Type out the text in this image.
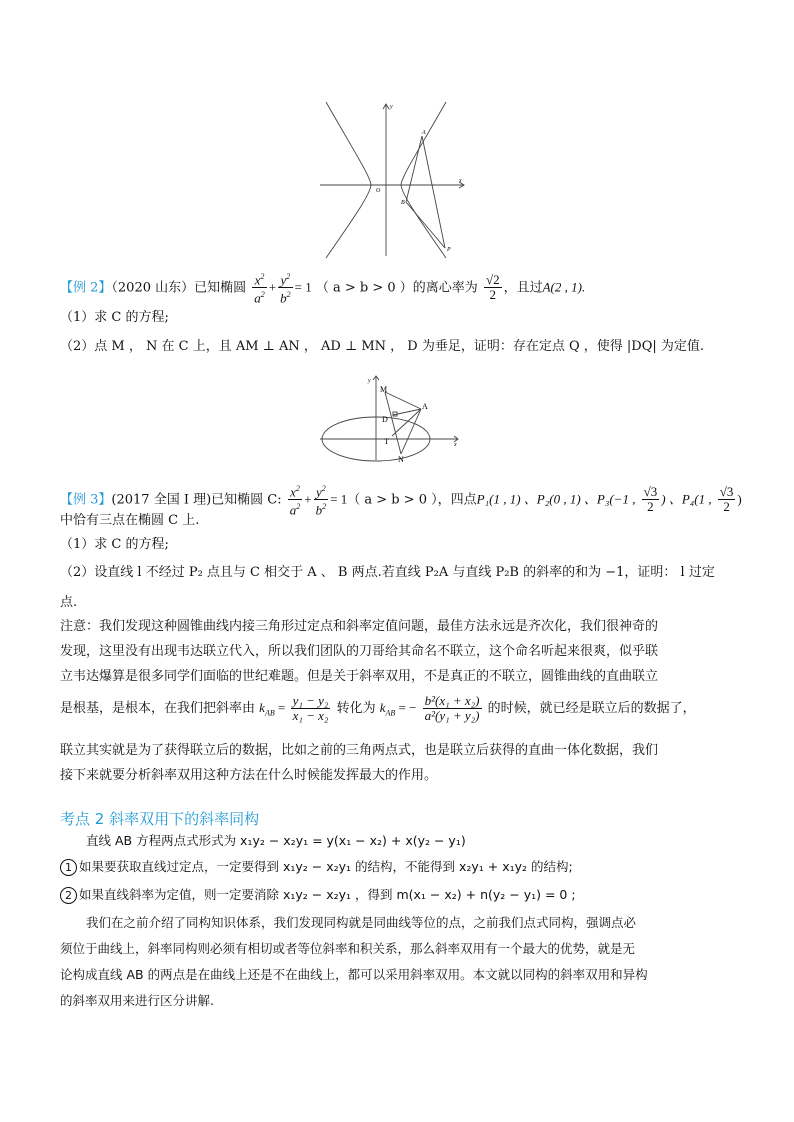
O
y
x
A
B
P
【例 2】（2020 山东）已知椭圆 $\frac{x^2}{a^2} + \frac{y^2}{b^2} = 1$ （ a > b > 0 ）的离心率为 $\frac{√2}{2}$ ，且过A(2 , 1).
（1）求 C 的方程;
（2）点 M ， N 在 C 上，且 AM ⊥ AN ， AD ⊥ MN ， D 为垂足，证明：存在定点 Q ，使得 |DQ| 为定值.
y
x
M
A
D
T
N
【例 3】(2017 全国 I 理)已知椭圆 C: $\frac{x^2}{a^2} + \frac{y^2}{b^2} = 1$（ a > b > 0 ），四点P₁(1 , 1) 、P₂(0 , 1) 、P₃(−1 , $\frac{√3}{2}$ ) 、P₄(1 , $\frac{√3}{2}$ )
中恰有三点在椭圆 C 上.
（1）求 C 的方程;
（2）设直线 l 不经过 P₂ 点且与 C 相交于 A 、 B 两点.若直线 P₂A 与直线 P₂B 的斜率的和为 −1，证明： l 过定
点.
注意：我们发现这种圆锥曲线内接三角形过定点和斜率定值问题，最佳方法永远是齐次化，我们很神奇的
发现，这里没有出现韦达联立代入，所以我们团队的刀哥给其命名不联立，这个命名听起来很爽，似乎联
立韦达爆算是很多同学们面临的世纪难题。但是关于斜率双用，不是真正的不联立，圆锥曲线的直曲联立
是根基，是根本，在我们把斜率由 $k_{AB} = \frac{\text{y₁ − y₂}}{\text{x₁ − x₂}}$ 转化为 $k_{AB}$ = − $\frac{\text{b²(x₁ + x₂)}}{\text{a²(y₁ + y₂)}}$ 的时候，就已经是联立后的数据了，
联立其实就是为了获得联立后的数据，比如之前的三角两点式，也是联立后获得的直曲一体化数据，我们
接下来就要分析斜率双用这种方法在什么时候能发挥最大的作用。
考点 2 斜率双用下的斜率同构
直线 AB 方程两点式形式为 x₁y₂ − x₂y₁ = y(x₁ − x₂) + x(y₂ − y₁)
1 如果要获取直线过定点，一定要得到 x₁y₂ − x₂y₁ 的结构，不能得到 x₂y₁ + x₁y₂ 的结构;
2 如果直线斜率为定值，则一定要消除 x₁y₂ − x₂y₁ ，得到 m(x₁ − x₂) + n(y₂ − y₁) = 0 ;
我们在之前介绍了同构知识体系，我们发现同构就是同曲线等位的点，之前我们点式同构，强调点必
须位于曲线上，斜率同构则必须有相切或者等位斜率和积关系，那么斜率双用有一个最大的优势，就是无
论构成直线 AB 的两点是在曲线上还是不在曲线上，都可以采用斜率双用。本文就以同构的斜率双用和异构
的斜率双用来进行区分讲解.
